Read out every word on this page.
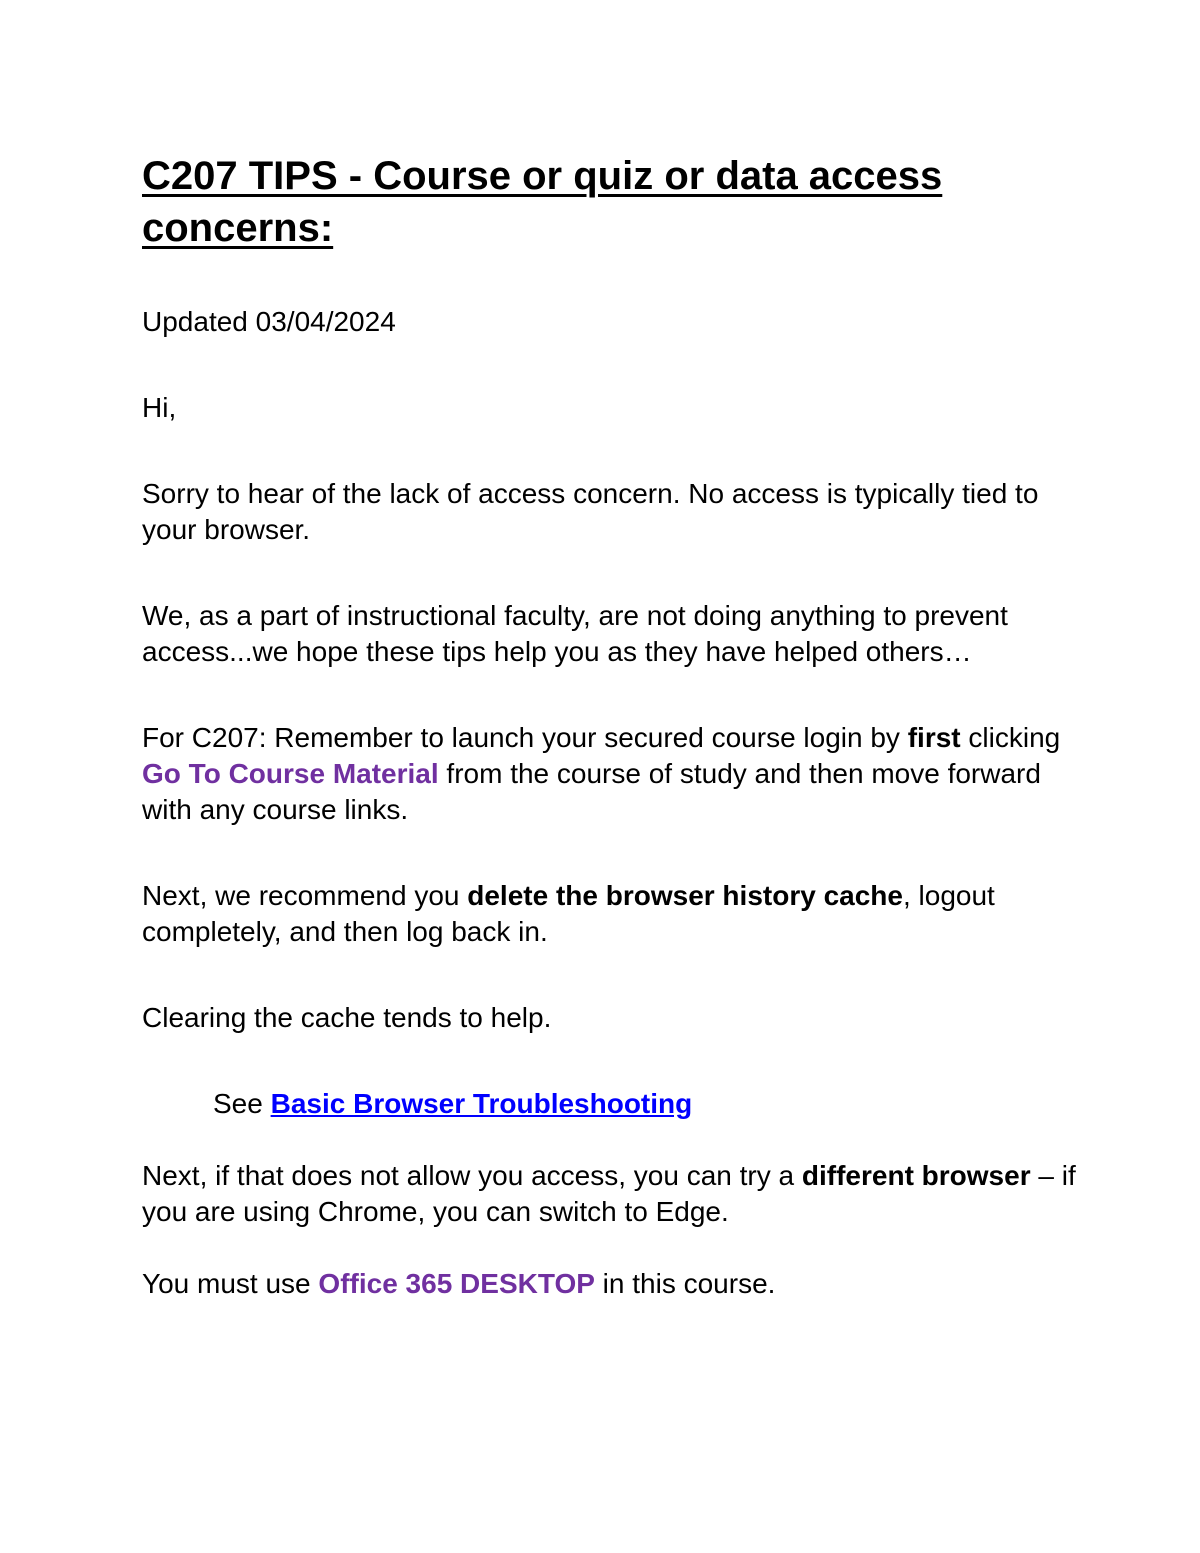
C207 TIPS - Course or quiz or data access concerns:

Updated 03/04/2024

Hi,

Sorry to hear of the lack of access concern. No access is typically tied to your browser.

We, as a part of instructional faculty, are not doing anything to prevent access...we hope these tips help you as they have helped others…

For C207: Remember to launch your secured course login by first clicking Go To Course Material from the course of study and then move forward with any course links.

Next, we recommend you delete the browser history cache, logout completely, and then log back in.

Clearing the cache tends to help.

See Basic Browser Troubleshooting

Next, if that does not allow you access, you can try a different browser – if you are using Chrome, you can switch to Edge.

You must use Office 365 DESKTOP in this course.
